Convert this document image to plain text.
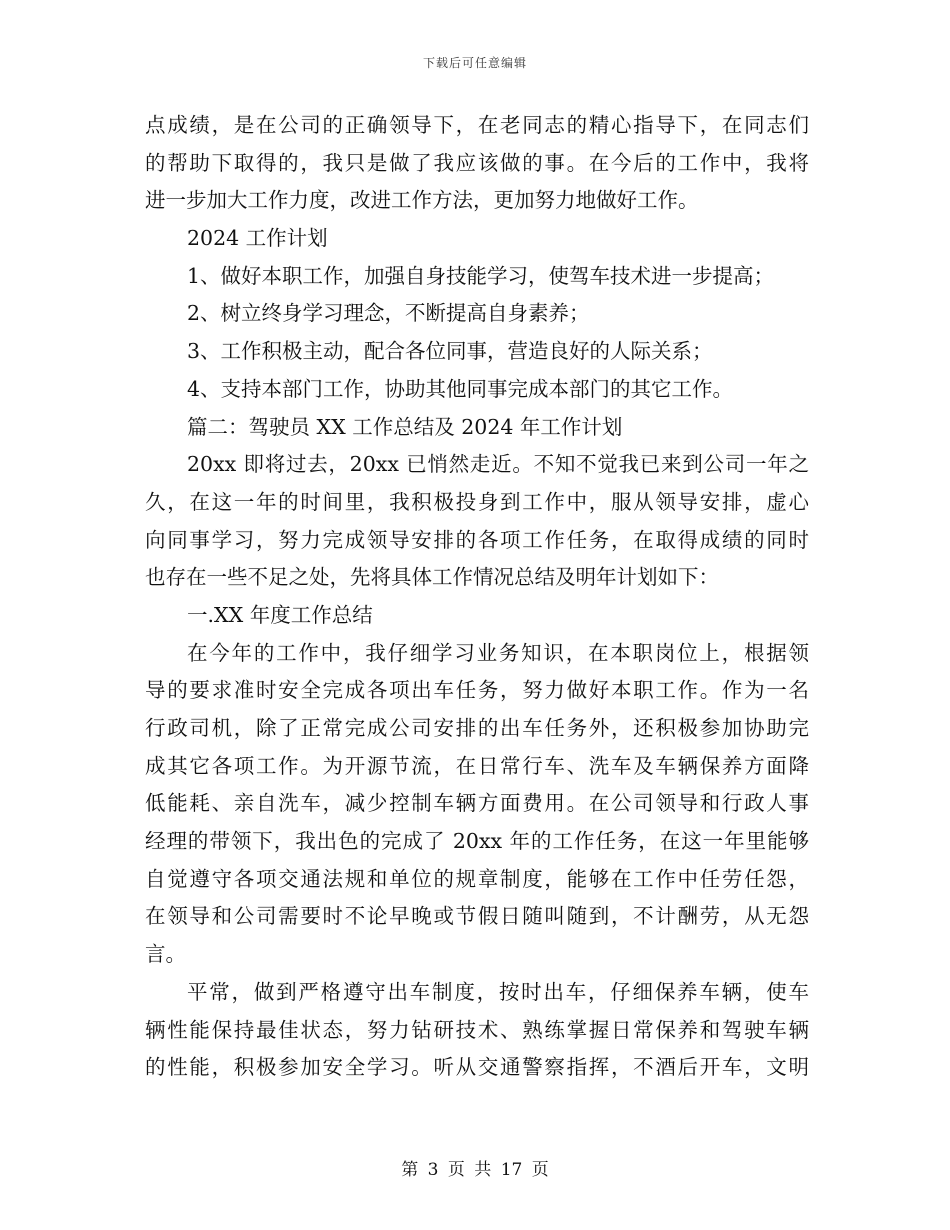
下载后可任意编辑
点成绩，是在公司的正确领导下，在老同志的精心指导下，在同志们
的帮助下取得的，我只是做了我应该做的事。在今后的工作中，我将
进一步加大工作力度，改进工作方法，更加努力地做好工作。
2024 工作计划
1、做好本职工作，加强自身技能学习，使驾车技术进一步提高；
2、树立终身学习理念，不断提高自身素养；
3、工作积极主动，配合各位同事，营造良好的人际关系；
4、支持本部门工作，协助其他同事完成本部门的其它工作。
篇二：驾驶员 XX 工作总结及 2024 年工作计划
20xx 即将过去，20xx 已悄然走近。不知不觉我已来到公司一年之
久，在这一年的时间里，我积极投身到工作中，服从领导安排，虚心
向同事学习，努力完成领导安排的各项工作任务，在取得成绩的同时
也存在一些不足之处，先将具体工作情况总结及明年计划如下：
一.XX 年度工作总结
在今年的工作中，我仔细学习业务知识，在本职岗位上，根据领
导的要求准时安全完成各项出车任务，努力做好本职工作。作为一名
行政司机，除了正常完成公司安排的出车任务外，还积极参加协助完
成其它各项工作。为开源节流，在日常行车、洗车及车辆保养方面降
低能耗、亲自洗车，减少控制车辆方面费用。在公司领导和行政人事
经理的带领下，我出色的完成了 20xx 年的工作任务，在这一年里能够
自觉遵守各项交通法规和单位的规章制度，能够在工作中任劳任怨，
在领导和公司需要时不论早晚或节假日随叫随到，不计酬劳，从无怨
言。
平常，做到严格遵守出车制度，按时出车，仔细保养车辆，使车
辆性能保持最佳状态，努力钻研技术、熟练掌握日常保养和驾驶车辆
的性能，积极参加安全学习。听从交通警察指挥，不酒后开车，文明
第 3 页 共 17 页
